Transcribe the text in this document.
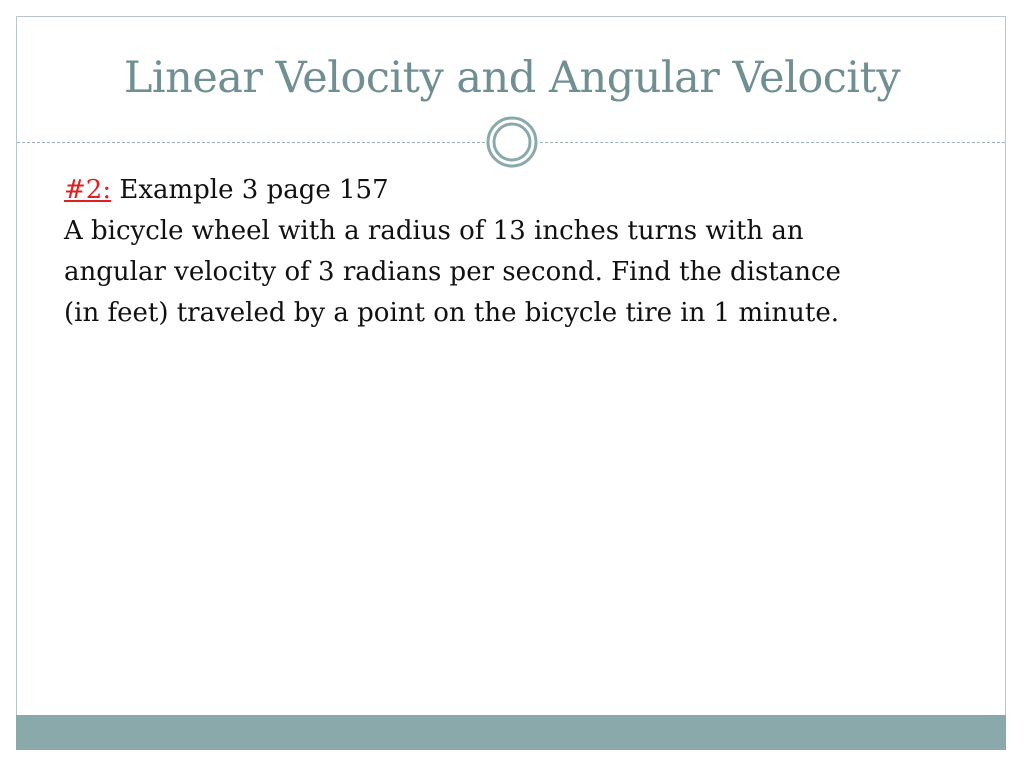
Linear Velocity and Angular Velocity

#2: Example 3 page 157

A bicycle wheel with a radius of 13 inches turns with an

angular velocity of 3 radians per second. Find the distance

(in feet) traveled by a point on the bicycle tire in 1 minute.
